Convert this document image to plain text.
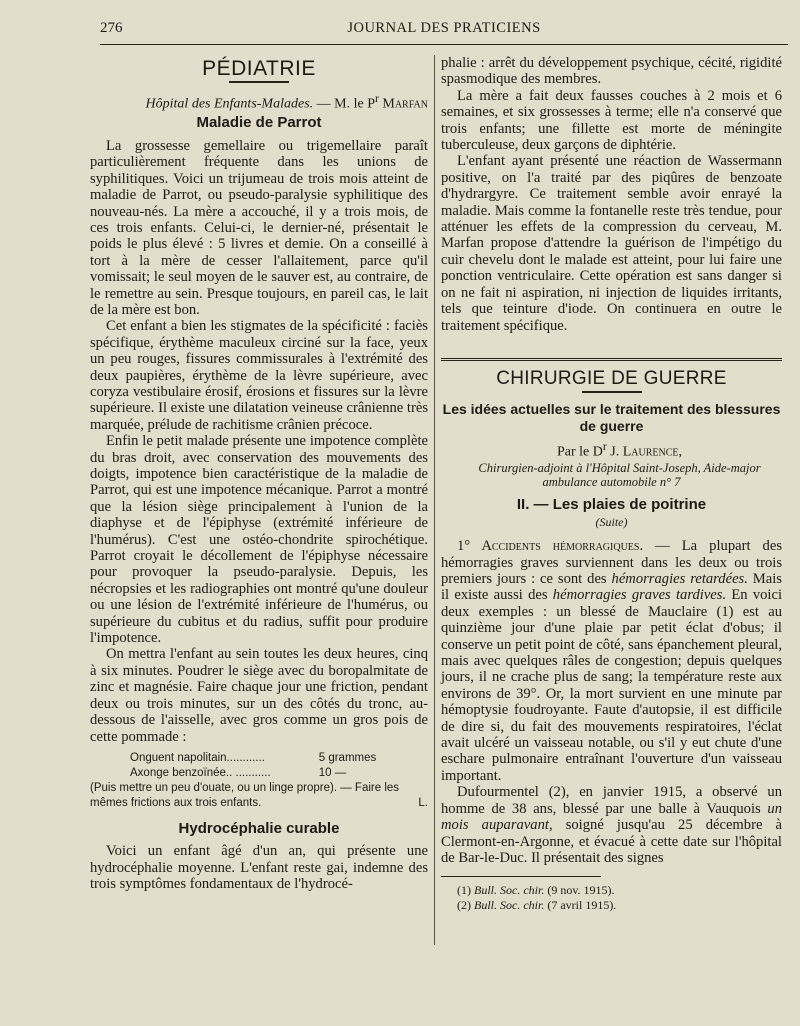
276	JOURNAL DES PRATICIENS
PÉDIATRIE

Hôpital des Enfants-Malades. — M. le $P^r$ Marfan

Maladie de Parrot

La grossesse gemellaire ou trigemellaire paraît particulièrement fréquente dans les unions de syphilitiques. Voici un trijumeau de trois mois atteint de maladie de Parrot, ou pseudo-paralysie syphilitique des nouveau-nés. La mère a accouché, il y a trois mois, de ces trois enfants. Celui-ci, le dernier-né, présentait le poids le plus élevé : 5 livres et demie. On a conseillé à tort à la mère de cesser l'allaitement, parce qu'il vomissait; le seul moyen de le sauver est, au contraire, de le remettre au sein. Presque toujours, en pareil cas, le lait de la mère est bon.

Cet enfant a bien les stigmates de la spécificité : faciès spécifique, érythème maculeux circiné sur la face, yeux un peu rouges, fissures commissurales à l'extrémité des deux paupières, érythème de la lèvre supérieure, avec coryza vestibulaire érosif, érosions et fissures sur la lèvre supérieure. Il existe une dilatation veineuse crânienne très marquée, prélude de rachitisme crânien précoce.

Enfin le petit malade présente une impotence complète du bras droit, avec conservation des mouvements des doigts, impotence bien caractéristique de la maladie de Parrot, qui est une impotence mécanique. Parrot a montré que la lésion siège principalement à l'union de la diaphyse et de l'épiphyse (extrémité inférieure de l'humérus). C'est une ostéo-chondrite spirochétique. Parrot croyait le décollement de l'épiphyse nécessaire pour provoquer la pseudo-paralysie. Depuis, les nécropsies et les radiographies ont montré qu'une douleur ou une lésion de l'extrémité inférieure de l'humérus, ou supérieure du cubitus et du radius, suffit pour produire l'impotence.

On mettra l'enfant au sein toutes les deux heures, cinq à six minutes. Poudrer le siège avec du boropalmitate de zinc et magnésie. Faire chaque jour une friction, pendant deux ou trois minutes, sur un des côtés du tronc, au-dessous de l'aisselle, avec gros comme un gros pois de cette pommade :

Onguent napolitain............	5 grammes
Axonge benzoïnée.. ...........	10 —
(Puis mettre un peu d'ouate, ou un linge propre). — Faire les mêmes frictions aux trois enfants.	L.
Hydrocéphalie curable

Voici un enfant âgé d'un an, qui présente une hydrocéphalie moyenne. L'enfant reste gai, indemne des trois symptômes fondamentaux de l'hydrocé-

phalie : arrêt du développement psychique, cécité, rigidité spasmodique des membres.

La mère a fait deux fausses couches à 2 mois et 6 semaines, et six grossesses à terme; elle n'a conservé que trois enfants; une fillette est morte de méningite tuberculeuse, deux garçons de diphtérie.

L'enfant ayant présenté une réaction de Wassermann positive, on l'a traité par des piqûres de benzoate d'hydrargyre. Ce traitement semble avoir enrayé la maladie. Mais comme la fontanelle reste très tendue, pour atténuer les effets de la compression du cerveau, M. Marfan propose d'attendre la guérison de l'impétigo du cuir chevelu dont le malade est atteint, pour lui faire une ponction ventriculaire. Cette opération est sans danger si on ne fait ni aspiration, ni injection de liquides irritants, tels que teinture d'iode. On continuera en outre le traitement spécifique.

CHIRURGIE DE GUERRE
Les idées actuelles sur le traitement des blessures de guerre

Par le $D^r$ J. Laurence,

Chirurgien-adjoint à l'Hôpital Saint-Joseph, Aide-major ambulance automobile n° 7

II. — Les plaies de poitrine
(Suite)

1° Accidents hémorragiques. — La plupart des hémorragies graves surviennent dans les deux ou trois premiers jours : ce sont des hémorragies retardées. Mais il existe aussi des hémorragies graves tardives. En voici deux exemples : un blessé de Mauclaire (1) est au quinzième jour d'une plaie par petit éclat d'obus; il conserve un petit point de côté, sans épanchement pleural, mais avec quelques râles de congestion; depuis quelques jours, il ne crache plus de sang; la température reste aux environs de 39°. Or, la mort survient en une minute par hémoptysie foudroyante. Faute d'autopsie, il est difficile de dire si, du fait des mouvements respiratoires, l'éclat avait ulcéré un vaisseau notable, ou s'il y eut chute d'une eschare pulmonaire entraînant l'ouverture d'un vaisseau important.

Dufourmentel (2), en janvier 1915, a observé un homme de 38 ans, blessé par une balle à Vauquois un mois auparavant, soigné jusqu'au 25 décembre à Clermont-en-Argonne, et évacué à cette date sur l'hôpital de Bar-le-Duc. Il présentait des signes

(1) Bull. Soc. chir. (9 nov. 1915).
(2) Bull. Soc. chir. (7 avril 1915).
